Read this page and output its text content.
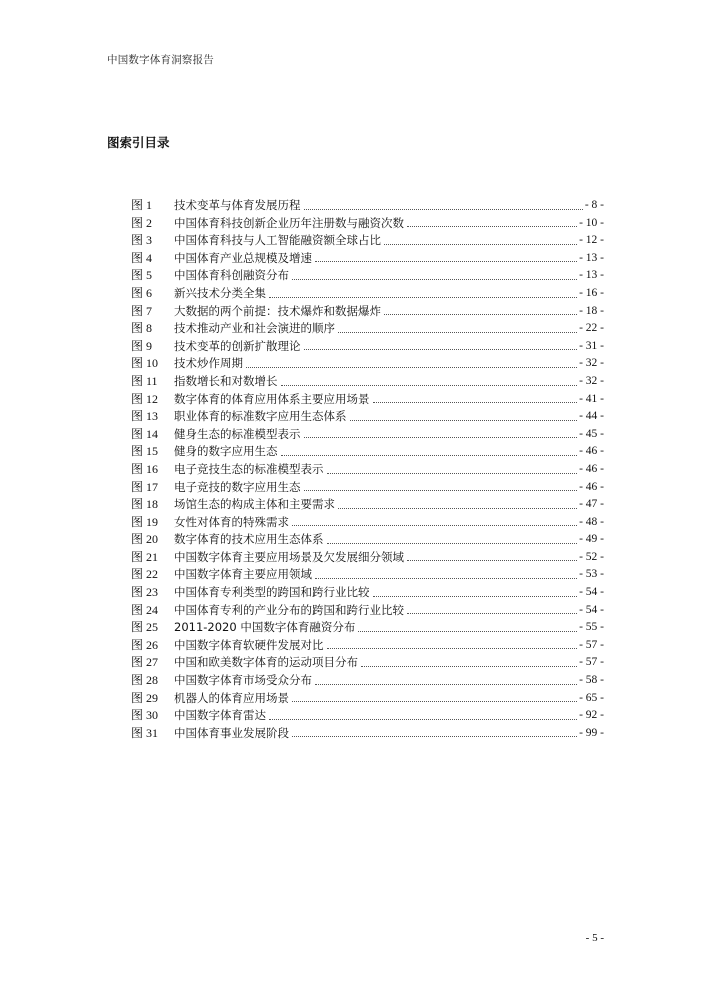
中国数字体育洞察报告
图索引目录
图 1	技术变革与体育发展历程	- 8 -
图 2	中国体育科技创新企业历年注册数与融资次数	- 10 -
图 3	中国体育科技与人工智能融资额全球占比	- 12 -
图 4	中国体育产业总规模及增速	- 13 -
图 5	中国体育科创融资分布	- 13 -
图 6	新兴技术分类全集	- 16 -
图 7	大数据的两个前提：技术爆炸和数据爆炸	- 18 -
图 8	技术推动产业和社会演进的顺序	- 22 -
图 9	技术变革的创新扩散理论	- 31 -
图 10	技术炒作周期	- 32 -
图 11	指数增长和对数增长	- 32 -
图 12	数字体育的体育应用体系主要应用场景	- 41 -
图 13	职业体育的标准数字应用生态体系	- 44 -
图 14	健身生态的标准模型表示	- 45 -
图 15	健身的数字应用生态	- 46 -
图 16	电子竞技生态的标准模型表示	- 46 -
图 17	电子竞技的数字应用生态	- 46 -
图 18	场馆生态的构成主体和主要需求	- 47 -
图 19	女性对体育的特殊需求	- 48 -
图 20	数字体育的技术应用生态体系	- 49 -
图 21	中国数字体育主要应用场景及欠发展细分领域	- 52 -
图 22	中国数字体育主要应用领域	- 53 -
图 23	中国体育专利类型的跨国和跨行业比较	- 54 -
图 24	中国体育专利的产业分布的跨国和跨行业比较	- 54 -
图 25	2011-2020 中国数字体育融资分布	- 55 -
图 26	中国数字体育软硬件发展对比	- 57 -
图 27	中国和欧美数字体育的运动项目分布	- 57 -
图 28	中国数字体育市场受众分布	- 58 -
图 29	机器人的体育应用场景	- 65 -
图 30	中国数字体育雷达	- 92 -
图 31	中国体育事业发展阶段	- 99 -
- 5 -
